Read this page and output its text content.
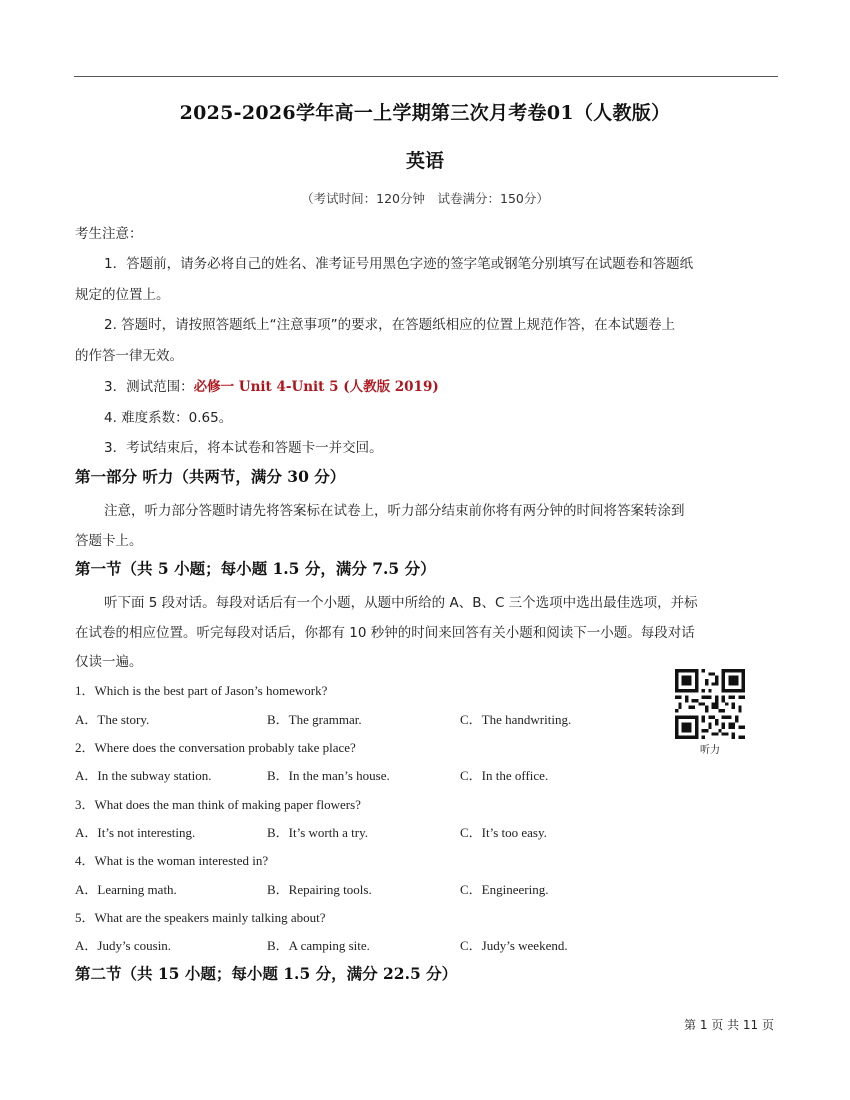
2025-2026学年高一上学期第三次月考卷01（人教版）
英语
（考试时间：120分钟　试卷满分：150分）
考生注意：
1．答题前，请务必将自己的姓名、准考证号用黑色字迹的签字笔或钢笔分别填写在试题卷和答题纸
规定的位置上。
2. 答题时，请按照答题纸上“注意事项”的要求，在答题纸相应的位置上规范作答，在本试题卷上
的作答一律无效。
3．测试范围：必修一 Unit 4-Unit 5 (人教版 2019)
4. 难度系数：0.65。
3．考试结束后，将本试卷和答题卡一并交回。
第一部分 听力（共两节，满分 30 分）
注意，听力部分答题时请先将答案标在试卷上，听力部分结束前你将有两分钟的时间将答案转涂到
答题卡上。
第一节（共 5 小题；每小题 1.5 分，满分 7.5 分）
听下面 5 段对话。每段对话后有一个小题，从题中所给的 A、B、C 三个选项中选出最佳选项，并标
在试卷的相应位置。听完每段对话后，你都有 10 秒钟的时间来回答有关小题和阅读下一小题。每段对话
仅读一遍。
1．Which is the best part of Jason’s homework?
A．The story.	B．The grammar.	C．The handwriting.
2．Where does the conversation probably take place?
A．In the subway station.	B．In the man’s house.	C．In the office.
3．What does the man think of making paper flowers?
A．It’s not interesting.	B．It’s worth a try.	C．It’s too easy.
4．What is the woman interested in?
A．Learning math.	B．Repairing tools.	C．Engineering.
5．What are the speakers mainly talking about?
A．Judy’s cousin.	B．A camping site.	C．Judy’s weekend.
听力
第二节（共 15 小题；每小题 1.5 分，满分 22.5 分）
第 1 页 共 11 页
